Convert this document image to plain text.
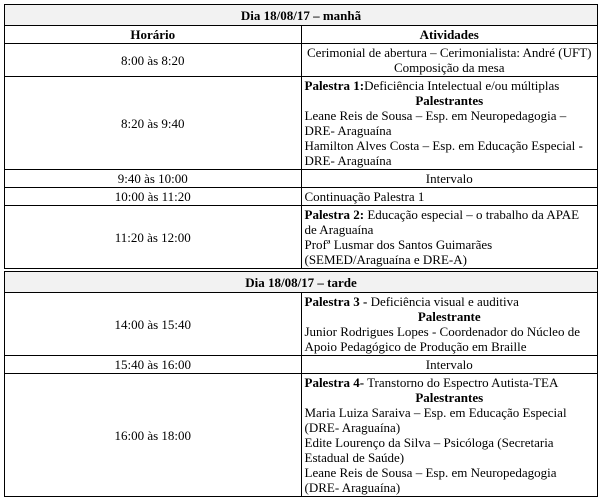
Dia 18/08/17 – manhã	
Horário	Atividades
8:00 às 8:20	Cerimonial de abertura – Cerimonialista: André (UFT)
Composição da mesa

8:20 às 9:40	Palestra 1:Deficiência Intelectual e/ou múltiplas
Palestrantes
Leane Reis de Sousa – Esp. em Neuropedagogia – DRE- Araguaína
Hamilton Alves Costa – Esp. em Educação Especial - DRE- Araguaína

9:40 às 10:00	Intervalo
10:00 às 11:20	Continuação Palestra 1
11:20 às 12:00	Palestra 2: Educação especial – o trabalho da APAE de Araguaína
Profª Lusmar dos Santos Guimarães (SEMED/Araguaína e DRE-A)

Dia 18/08/17 – tarde	
14:00 às 15:40	Palestra 3 - Deficiência visual e auditiva
Palestrante
Junior Rodrigues Lopes - Coordenador do Núcleo de Apoio Pedagógico de Produção em Braille

15:40 às 16:00	Intervalo
16:00 às 18:00	Palestra 4- Transtorno do Espectro Autista-TEA
Palestrantes
Maria Luiza Saraiva – Esp. em Educação Especial (DRE- Araguaína)
Edite Lourenço da Silva – Psicóloga (Secretaria Estadual de Saúde)
Leane Reis de Sousa – Esp. em Neuropedagogia (DRE- Araguaína)
